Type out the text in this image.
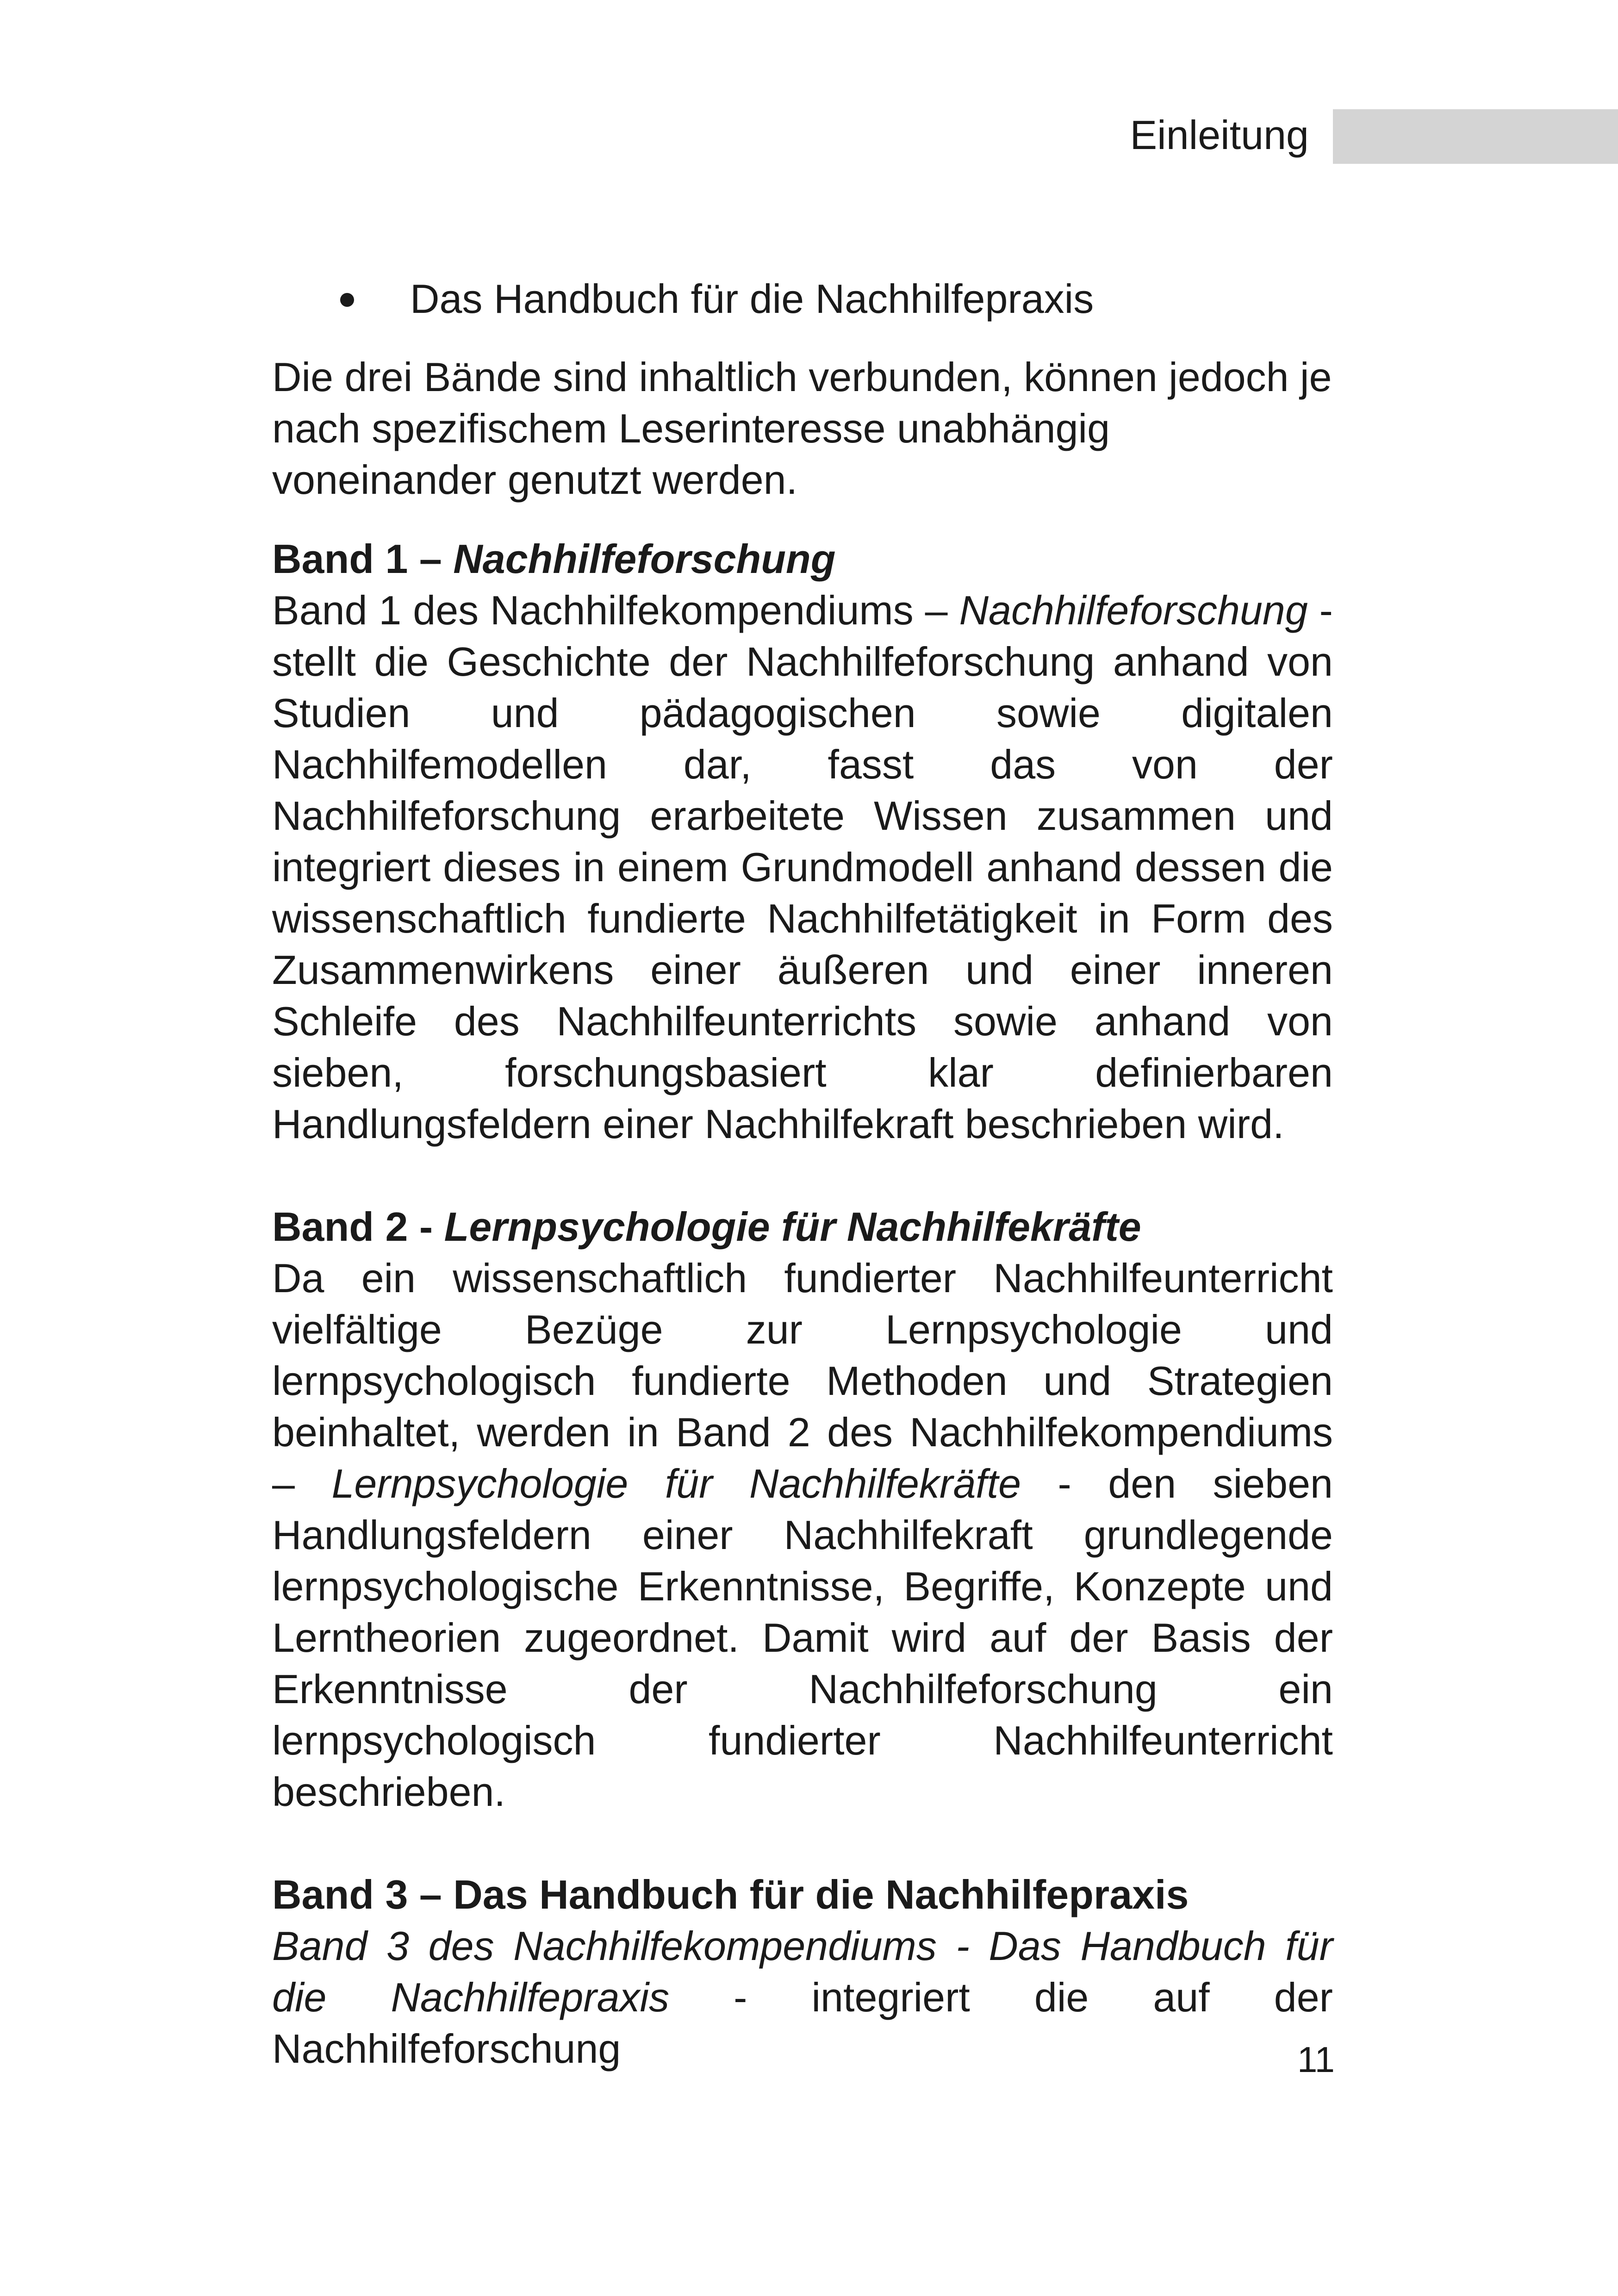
Einleitung
Das Handbuch für die Nachhilfepraxis

Die drei Bände sind inhaltlich verbunden, können jedoch je nach spezifischem Leserinteresse unabhängig voneinander genutzt werden.

Band 1 – Nachhilfeforschung

Band 1 des Nachhilfekompendiums – Nachhilfeforschung - stellt die Geschichte der Nachhilfeforschung anhand von Studien und pädagogischen sowie digitalen Nachhilfemodellen dar, fasst das von der Nachhilfeforschung erarbeitete Wissen zusammen und integriert dieses in einem Grundmodell anhand dessen die wissenschaftlich fundierte Nachhilfetätigkeit in Form des Zusammenwirkens einer äußeren und einer inneren Schleife des Nachhilfeunterrichts sowie anhand von sieben, forschungsbasiert klar definierbaren Handlungsfeldern einer Nachhilfekraft beschrieben wird.

Band 2 - Lernpsychologie für Nachhilfekräfte

Da ein wissenschaftlich fundierter Nachhilfeunterricht vielfältige Bezüge zur Lernpsychologie und lernpsychologisch fundierte Methoden und Strategien beinhaltet, werden in Band 2 des Nachhilfekompendiums – Lernpsychologie für Nachhilfekräfte - den sieben Handlungsfeldern einer Nachhilfekraft grundlegende lernpsychologische Erkenntnisse, Begriffe, Konzepte und Lerntheorien zugeordnet. Damit wird auf der Basis der Erkenntnisse der Nachhilfeforschung ein lernpsychologisch fundierter Nachhilfeunterricht beschrieben.

Band 3 – Das Handbuch für die Nachhilfepraxis

Band 3 des Nachhilfekompendiums - Das Handbuch für die Nachhilfepraxis - integriert die auf der Nachhilfeforschung	11
